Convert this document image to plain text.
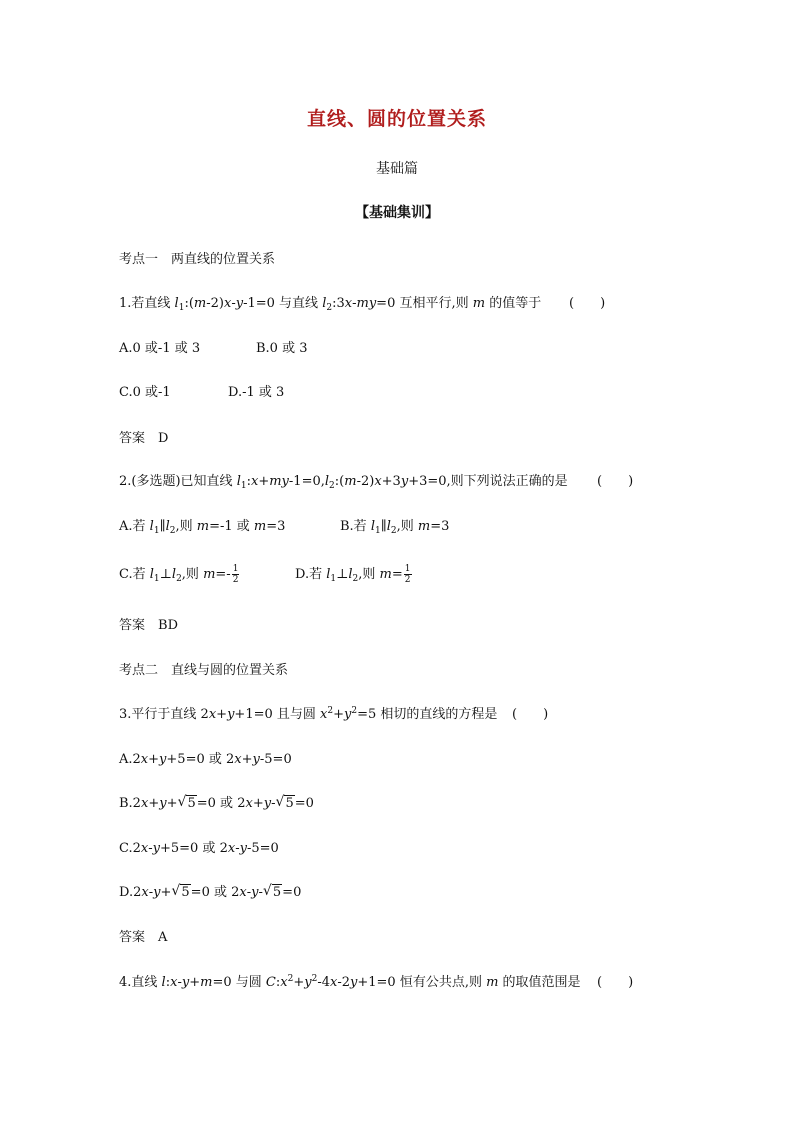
直线、圆的位置关系
基础篇
【基础集训】
考点一　两直线的位置关系
1.若直线 $l_1:(m-2)x-y-1=0$ 与直线 $l_2:3x-my=0$ 互相平行,则 m 的值等于 (　　)
A.0 或-1 或 3	B.0 或 3
C.0 或-1	D.-1 或 3
答案　 D
2.(多选题)已知直线 $l_1:x+my-1=0,l_2:(m-2)x+3y+3=0$,则下列说法正确的是 (　　)
A.若 $l_1\parallel l_2$,则 m=-1 或 m=3	B.若 $l_1\parallel l_2$,则 m=3
C.若 $l_1\perp l_2$,则 $m=- \frac{1}{2}$	D.若 $l_1\perp l_2$,则 $m= \frac{1}{2}$
答案　 BD
考点二　直线与圆的位置关系
3.平行于直线 2x+y+1=0 且与圆 $x^2+y^2=5$ 相切的直线的方程是 (　　)
A.2x+y+5=0 或 2x+y-5=0
B.2x+y+ √ 5=0 或 2x+y- √ 5=0
C.2x-y+5=0 或 2x-y-5=0
D.2x-y+ √ 5=0 或 2x-y- √ 5=0
答案　 A
4.直线 l:x-y+m=0 与圆 $C:x^2+y^2-4x-2y+1=0$ 恒有公共点,则 m 的取值范围是 (　　)
